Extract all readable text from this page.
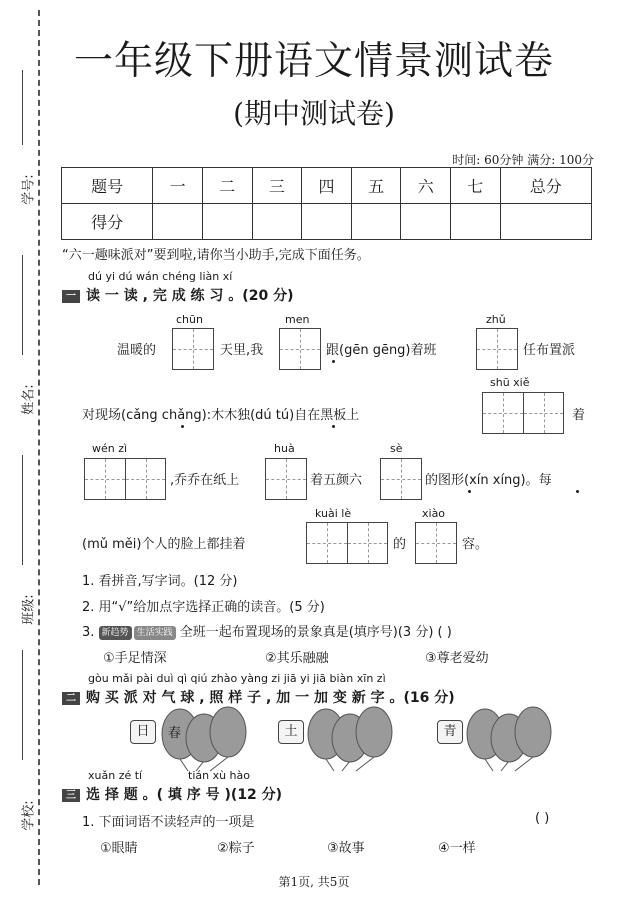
学号:
姓名:
班级:
学校:
一年级下册语文情景测试卷
(期中测试卷)
时间: 60分钟 满分: 100分
题号	一	二	三	四	五	六	七	总分
得分								
“六一趣味派对”要到啦,请你当小助手,完成下面任务。
dú yi dú wán chéng liàn xí
一 读 一 读 , 完 成 练 习 。(20 分)
chūn	men	zhǔ
温暖的	天里,我	跟(gēn gēng)着班	任布置派
shū xiě
对现场(cǎng chǎng):木木独(dú tú)自在黑板上	着
wén zì	huà	sè
,乔乔在纸上	着五颜六	的图形(xín xíng)。每
kuài lè	xiào
(mǔ měi)个人的脸上都挂着	的	容。
1. 看拼音,写字词。(12 分)
2. 用“√”给加点字选择正确的读音。(5 分)
3. 新趋势 生活实践 全班一起布置现场的景象真是(填序号)(3 分) ( )
①手足情深	②其乐融融	③尊老爱幼
gòu mǎi pài duì qì qiú zhào yàng zi jiā yi jiā biàn xīn zì
二 购 买 派 对 气 球 , 照 样 子 , 加 一 加 变 新 字 。(16 分)
日	春	土	青
xuǎn zé tí	tián xù hào
三 选 择 题 。( 填 序 号 )(12 分)
1. 下面词语不读轻声的一项是	( )
①眼睛	②粽子	③故事	④一样
第1页, 共5页
